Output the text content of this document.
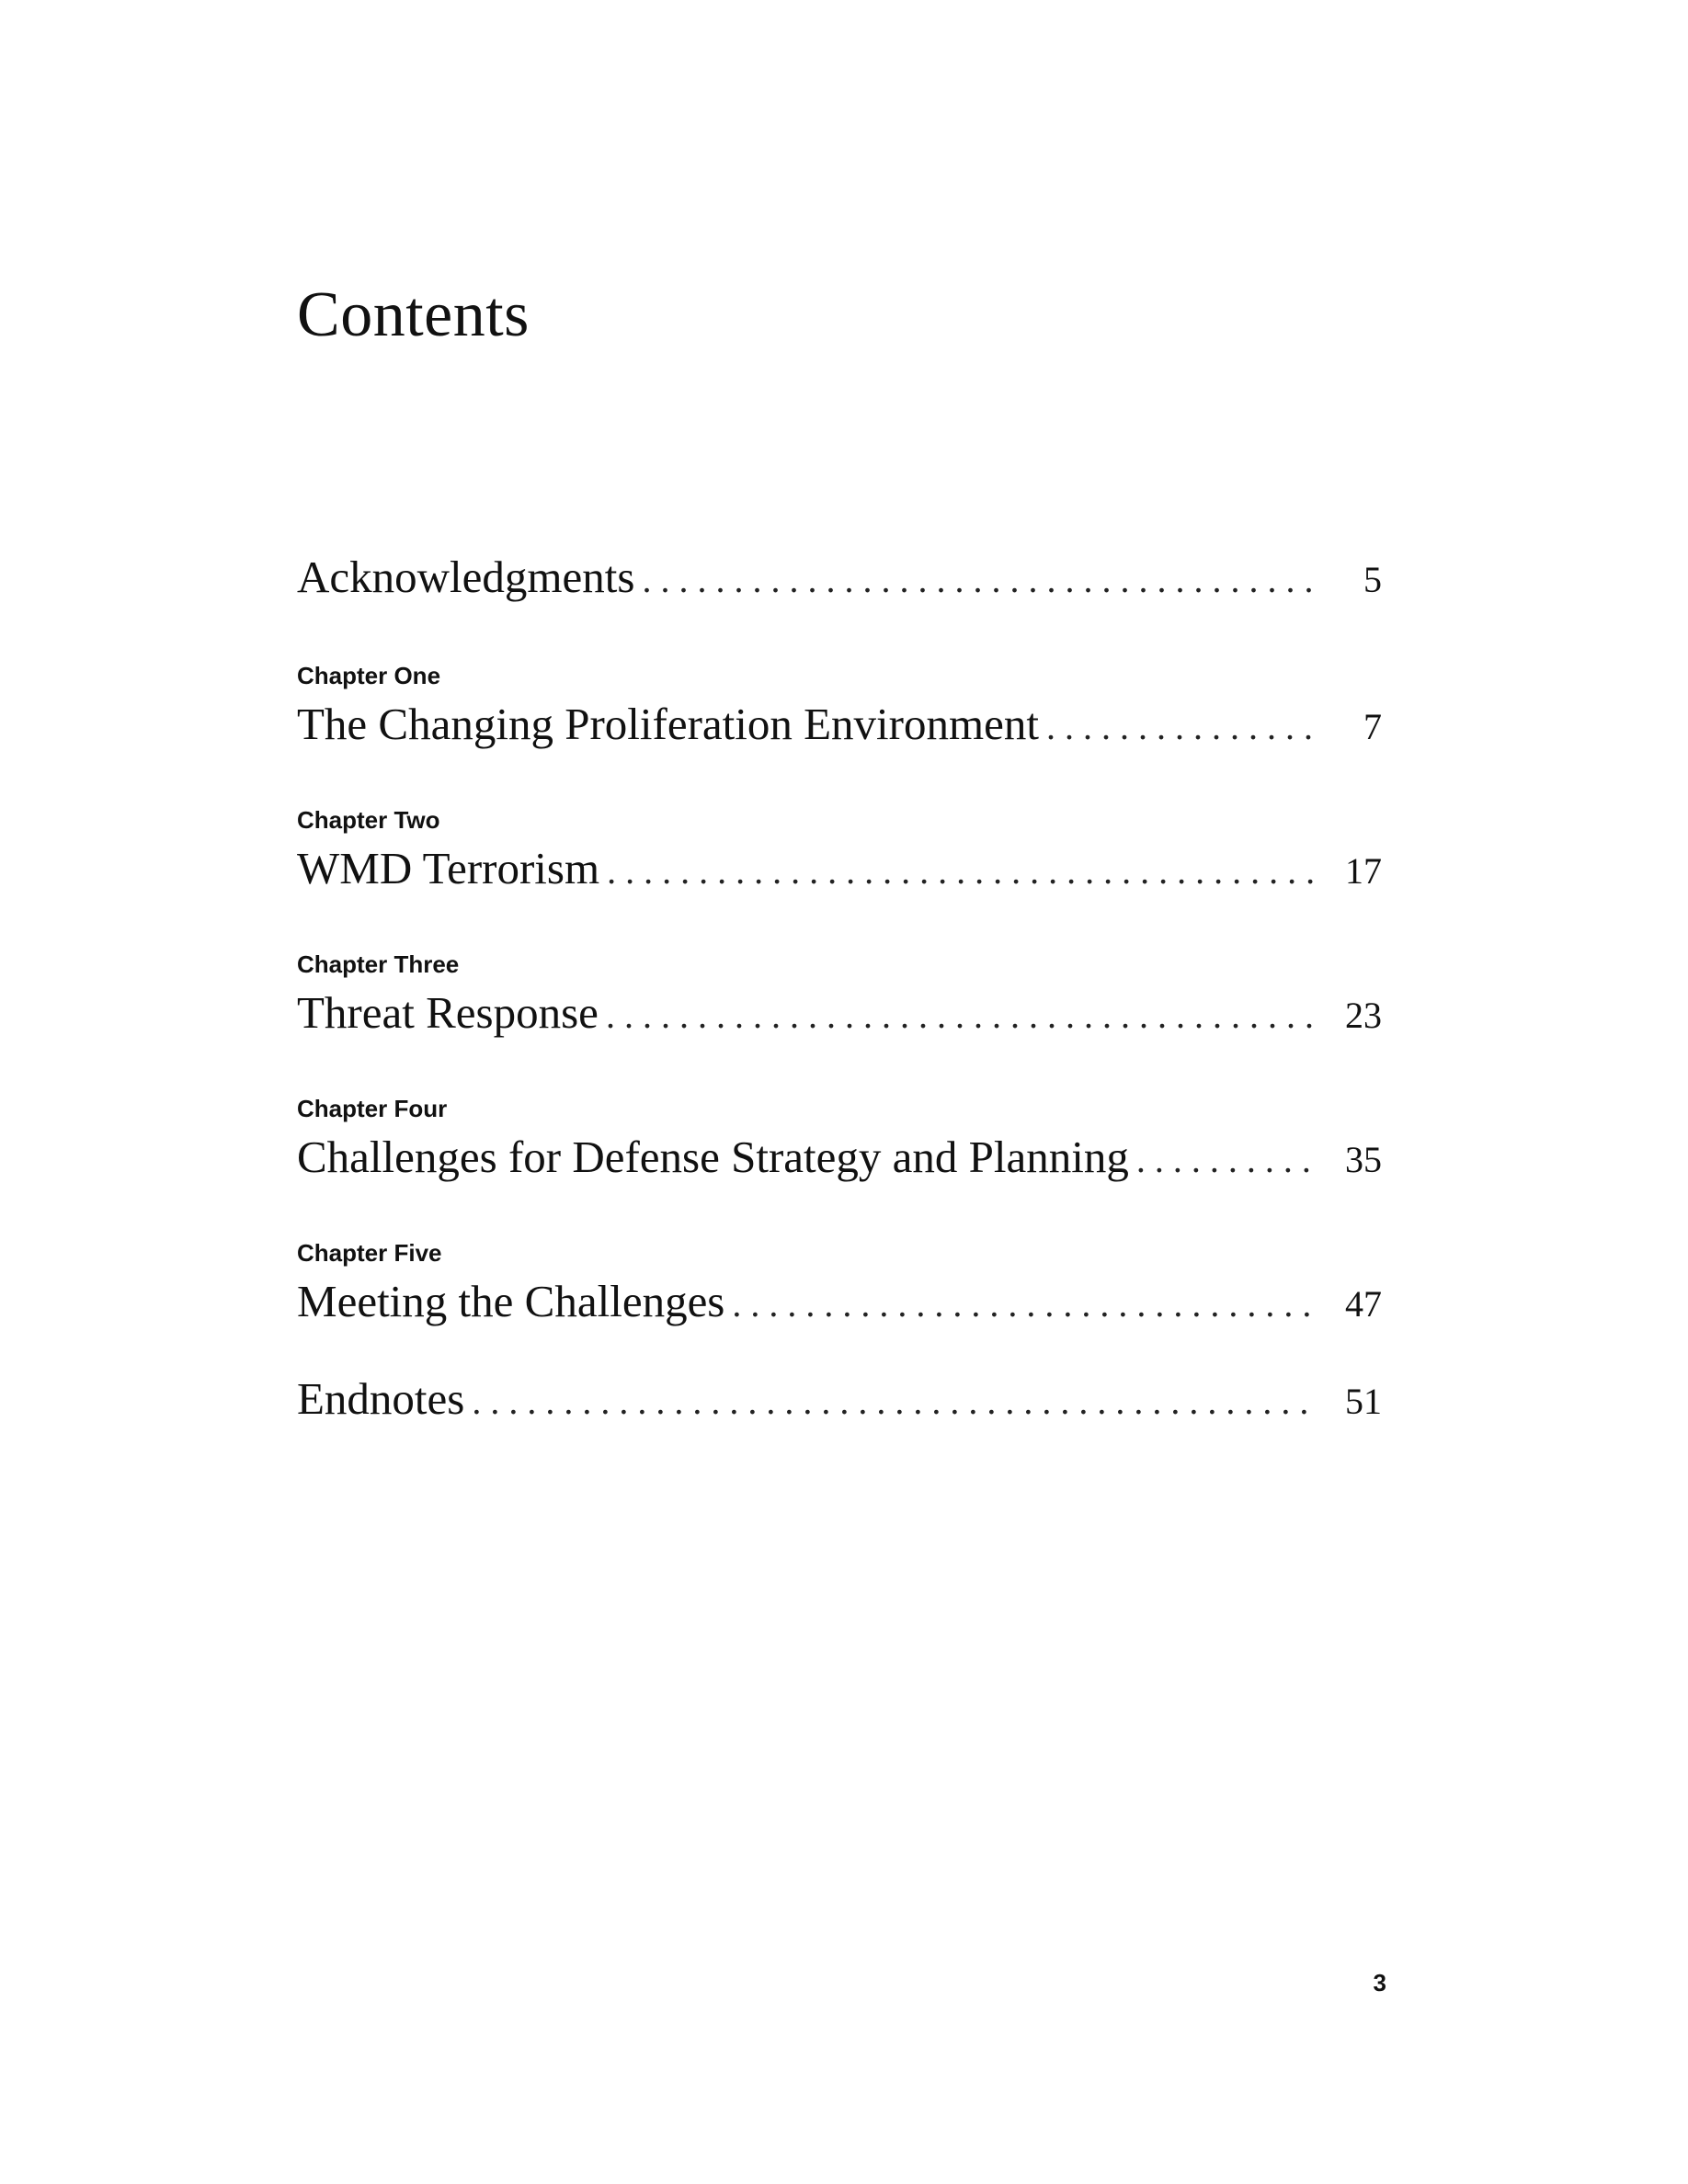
Contents
Acknowledgments . . .	5
Chapter One
The Changing Proliferation Environment . . .	7
Chapter Two
WMD Terrorism . . .	17
Chapter Three
Threat Response . . .	23
Chapter Four
Challenges for Defense Strategy and Planning . . .	35
Chapter Five
Meeting the Challenges . . .	47
Endnotes . . .	51
3
